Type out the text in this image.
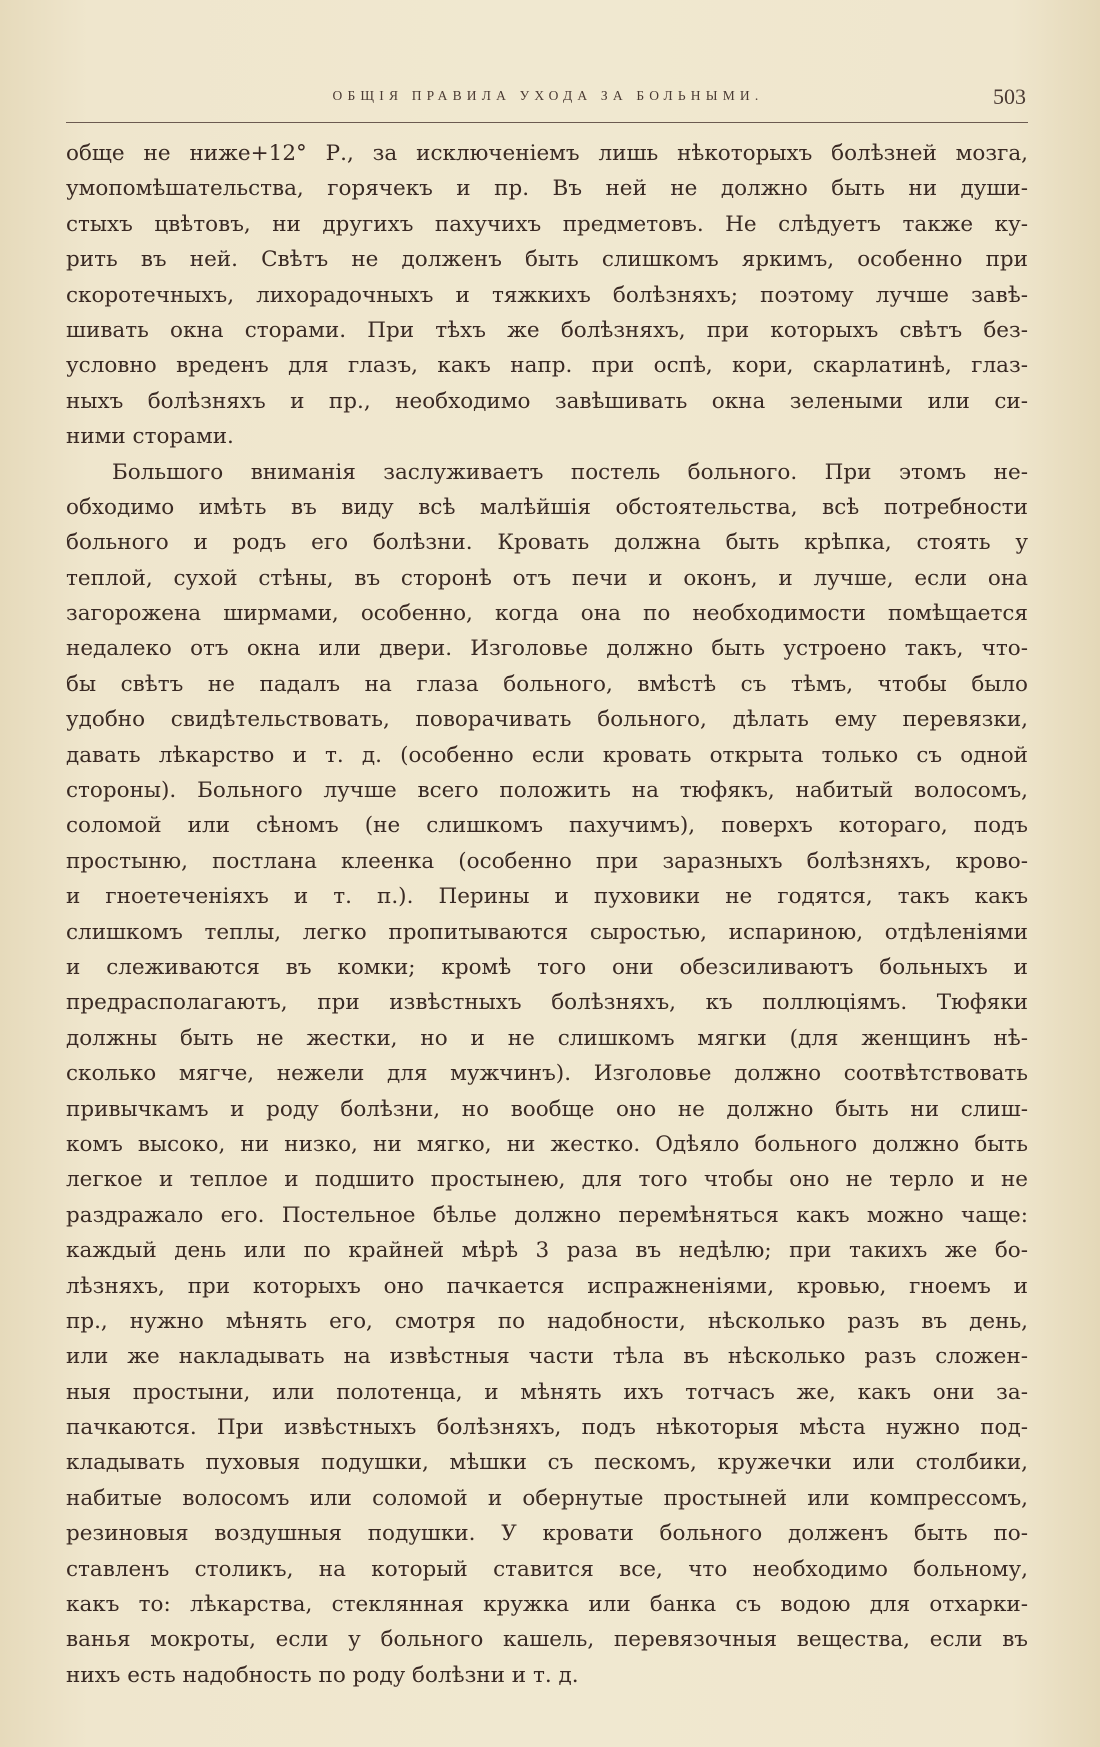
ОБЩІЯ ПРАВИЛА УХОДА ЗА БОЛЬНЫМИ.	503
обще не ниже+12° Р., за исключеніемъ лишь нѣкоторыхъ болѣзней мозга,
умопомѣшательства, горячекъ и пр. Въ ней не должно быть ни души-
стыхъ цвѣтовъ, ни другихъ пахучихъ предметовъ. Не слѣдуетъ также ку-
рить въ ней. Свѣтъ не долженъ быть слишкомъ яркимъ, особенно при
скоротечныхъ, лихорадочныхъ и тяжкихъ болѣзняхъ; поэтому лучше завѣ-
шивать окна сторами. При тѣхъ же болѣзняхъ, при которыхъ свѣтъ без-
условно вреденъ для глазъ, какъ напр. при оспѣ, кори, скарлатинѣ, глаз-
ныхъ болѣзняхъ и пр., необходимо завѣшивать окна зелеными или си-
ними сторами.
Большого вниманія заслуживаетъ постель больного. При этомъ не-
обходимо имѣть въ виду всѣ малѣйшія обстоятельства, всѣ потребности
больного и родъ его болѣзни. Кровать должна быть крѣпка, стоять у
теплой, сухой стѣны, въ сторонѣ отъ печи и оконъ, и лучше, если она
загорожена ширмами, особенно, когда она по необходимости помѣщается
недалеко отъ окна или двери. Изголовье должно быть устроено такъ, что-
бы свѣтъ не падалъ на глаза больного, вмѣстѣ съ тѣмъ, чтобы было
удобно свидѣтельствовать, поворачивать больного, дѣлать ему перевязки,
давать лѣкарство и т. д. (особенно если кровать открыта только съ одной
стороны). Больного лучше всего положить на тюфякъ, набитый волосомъ,
соломой или сѣномъ (не слишкомъ пахучимъ), поверхъ котораго, подъ
простыню, постлана клеенка (особенно при заразныхъ болѣзняхъ, крово-
и гноетеченіяхъ и т. п.). Перины и пуховики не годятся, такъ какъ
слишкомъ теплы, легко пропитываются сыростью, испариною, отдѣленіями
и слеживаются въ комки; кромѣ того они обезсиливаютъ больныхъ и
предрасполагаютъ, при извѣстныхъ болѣзняхъ, къ поллюціямъ. Тюфяки
должны быть не жестки, но и не слишкомъ мягки (для женщинъ нѣ-
сколько мягче, нежели для мужчинъ). Изголовье должно соотвѣтствовать
привычкамъ и роду болѣзни, но вообще оно не должно быть ни слиш-
комъ высоко, ни низко, ни мягко, ни жестко. Одѣяло больного должно быть
легкое и теплое и подшито простынею, для того чтобы оно не терло и не
раздражало его. Постельное бѣлье должно перемѣняться какъ можно чаще:
каждый день или по крайней мѣрѣ 3 раза въ недѣлю; при такихъ же бо-
лѣзняхъ, при которыхъ оно пачкается испражненіями, кровью, гноемъ и
пр., нужно мѣнять его, смотря по надобности, нѣсколько разъ въ день,
или же накладывать на извѣстныя части тѣла въ нѣсколько разъ сложен-
ныя простыни, или полотенца, и мѣнять ихъ тотчасъ же, какъ они за-
пачкаются. При извѣстныхъ болѣзняхъ, подъ нѣкоторыя мѣста нужно под-
кладывать пуховыя подушки, мѣшки съ пескомъ, кружечки или столбики,
набитые волосомъ или соломой и обернутые простыней или компрессомъ,
резиновыя воздушныя подушки. У кровати больного долженъ быть по-
ставленъ столикъ, на который ставится все, что необходимо больному,
какъ то: лѣкарства, стеклянная кружка или банка съ водою для отхарки-
ванья мокроты, если у больного кашель, перевязочныя вещества, если въ
нихъ есть надобность по роду болѣзни и т. д.
